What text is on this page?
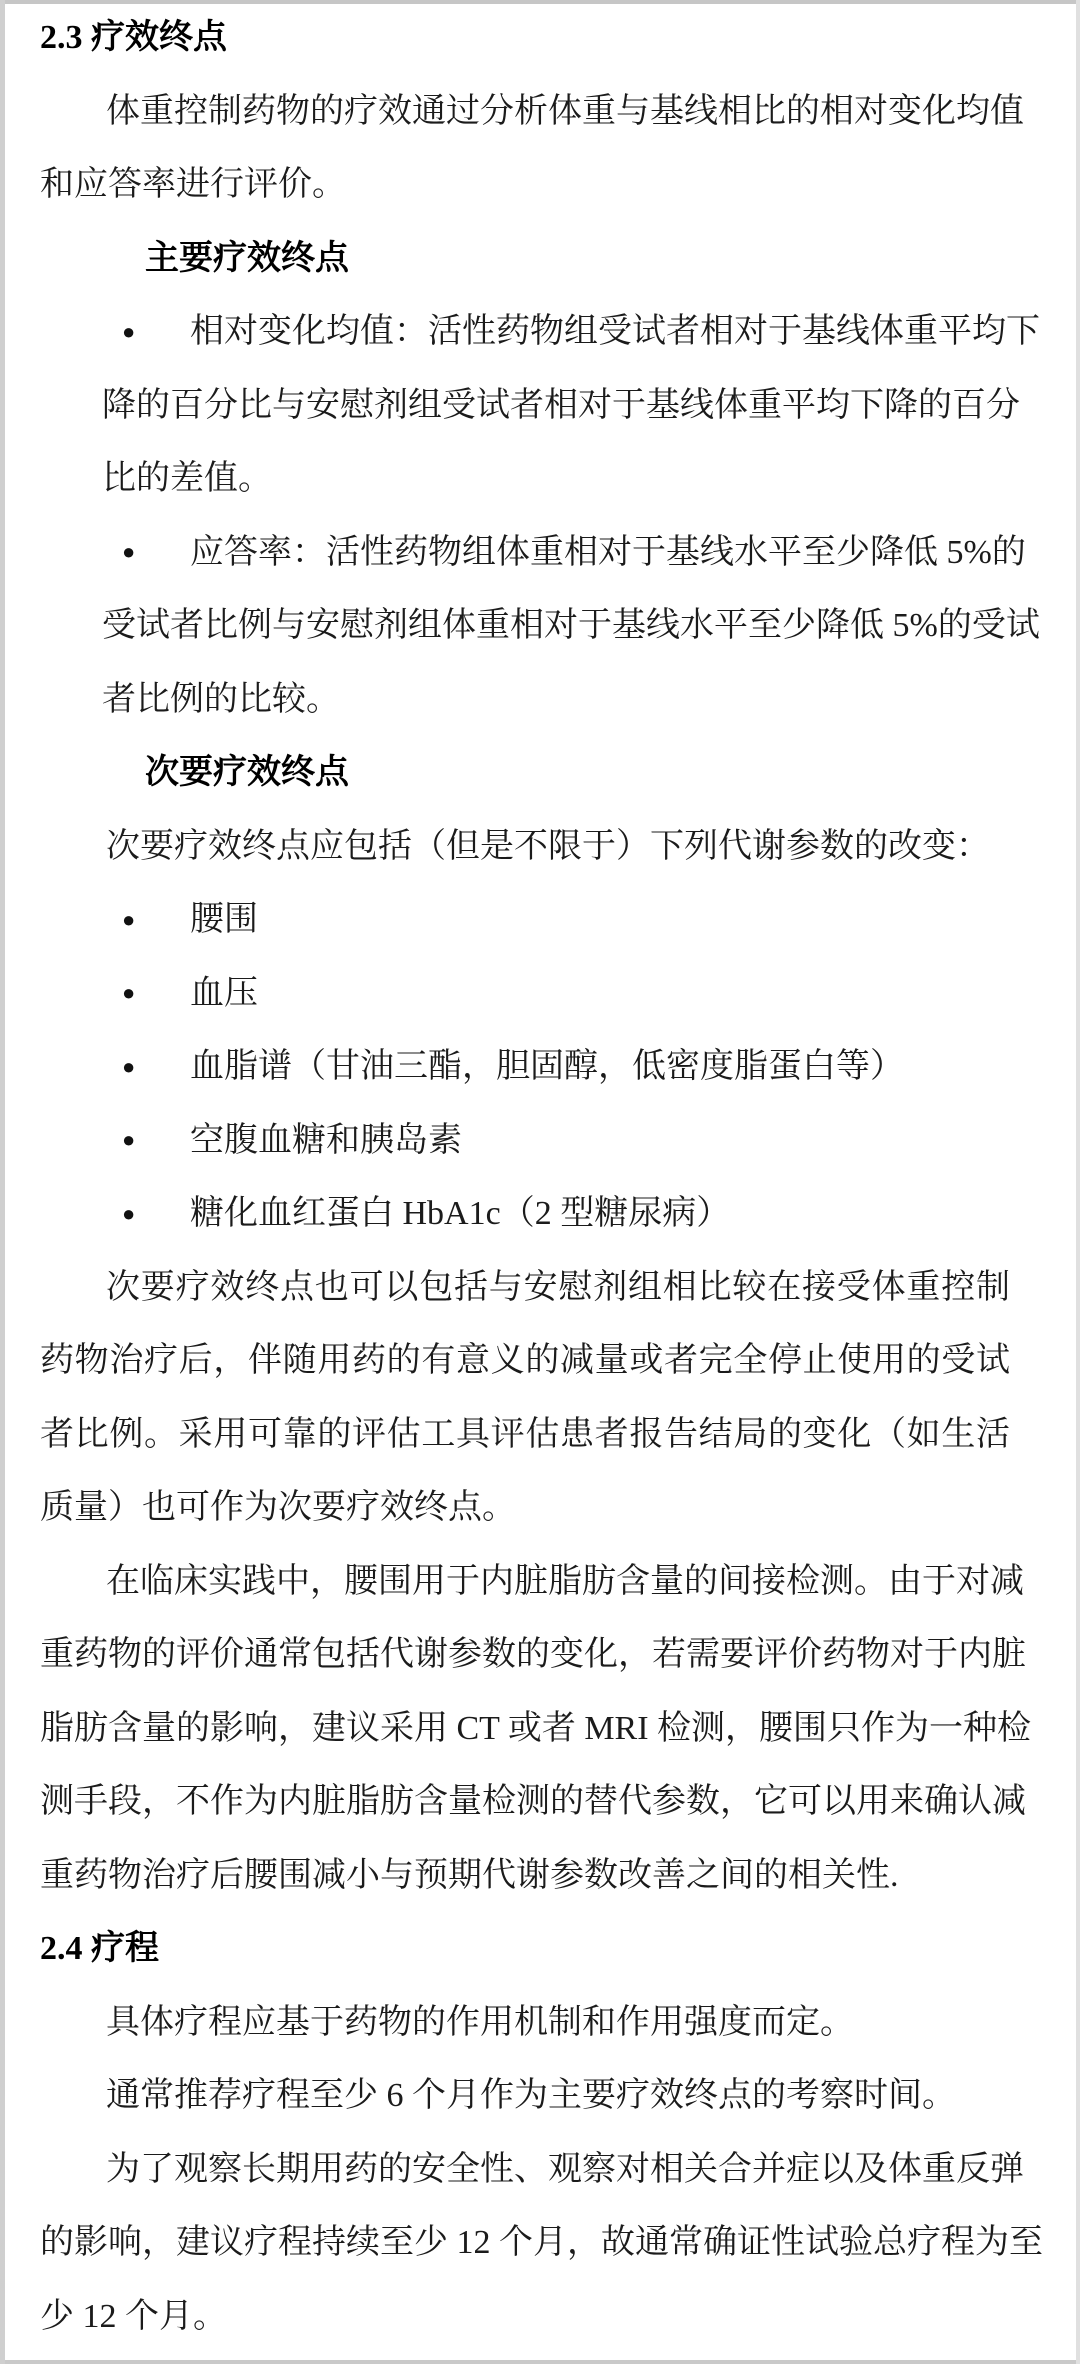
2.3 疗效终点
体重控制药物的疗效通过分析体重与基线相比的相对变化均值
和应答率进行评价。
主要疗效终点
● 相对变化均值：活性药物组受试者相对于基线体重平均下
降的百分比与安慰剂组受试者相对于基线体重平均下降的百分
比的差值。
● 应答率：活性药物组体重相对于基线水平至少降低 5%的
受试者比例与安慰剂组体重相对于基线水平至少降低 5%的受试
者比例的比较。
次要疗效终点
次要疗效终点应包括（但是不限于）下列代谢参数的改变：
● 腰围
● 血压
● 血脂谱（甘油三酯，胆固醇，低密度脂蛋白等）
● 空腹血糖和胰岛素
● 糖化血红蛋白 HbA1c（2 型糖尿病）
次要疗效终点也可以包括与安慰剂组相比较在接受体重控制
药物治疗后，伴随用药的有意义的减量或者完全停止使用的受试
者比例。采用可靠的评估工具评估患者报告结局的变化（如生活
质量）也可作为次要疗效终点。
在临床实践中，腰围用于内脏脂肪含量的间接检测。由于对减
重药物的评价通常包括代谢参数的变化，若需要评价药物对于内脏
脂肪含量的影响，建议采用 CT 或者 MRI 检测，腰围只作为一种检
测手段，不作为内脏脂肪含量检测的替代参数，它可以用来确认减
重药物治疗后腰围减小与预期代谢参数改善之间的相关性.
2.4 疗程
具体疗程应基于药物的作用机制和作用强度而定。
通常推荐疗程至少 6 个月作为主要疗效终点的考察时间。
为了观察长期用药的安全性、观察对相关合并症以及体重反弹
的影响，建议疗程持续至少 12 个月，故通常确证性试验总疗程为至
少 12 个月。
